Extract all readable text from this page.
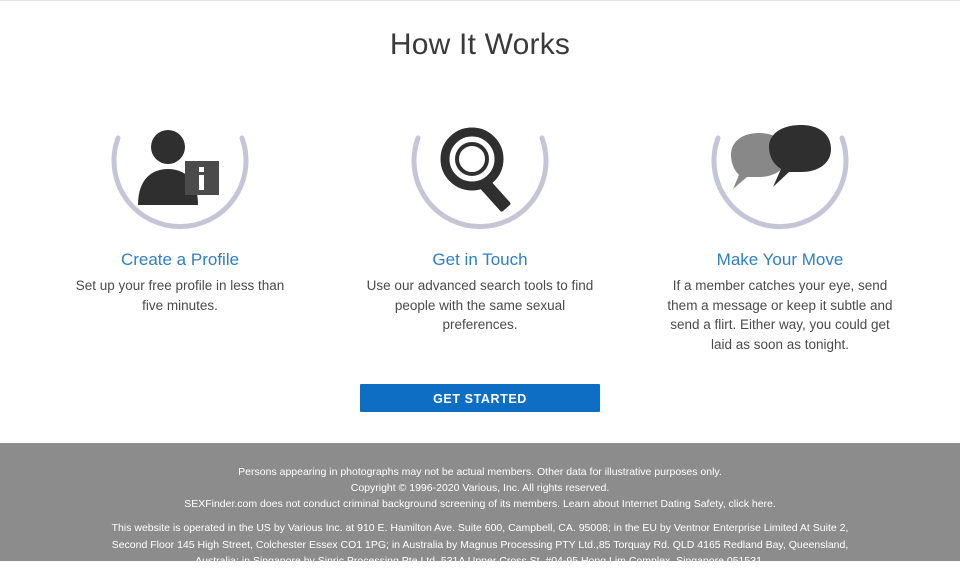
How It Works
Create a Profile
Set up your free profile in less than five minutes.
Get in Touch
Use our advanced search tools to find people with the same sexual preferences.
Make Your Move
If a member catches your eye, send them a message or keep it subtle and send a flirt. Either way, you could get laid as soon as tonight.
GET STARTED
Persons appearing in photographs may not be actual members. Other data for illustrative purposes only.
Copyright © 1996-2020 Various, Inc. All rights reserved.
SEXFinder.com does not conduct criminal background screening of its members. Learn about Internet Dating Safety, click here.
This website is operated in the US by Various Inc. at 910 E. Hamilton Ave. Suite 600, Campbell, CA. 95008; in the EU by Ventnor Enterprise Limited At Suite 2, Second Floor 145 High Street, Colchester Essex CO1 1PG; in Australia by Magnus Processing PTY Ltd.,85 Torquay Rd. QLD 4165 Redland Bay, Queensland, Australia; in Singapore by Sinric Processing Pte Ltd.,531A Upper Cross St. #04-95 Hong Lim Complex, Singapore 051531.
Contact us at 888-575-8383 (US toll free), 0800 098 8311(UK toll-free), 1800 954 607 (AU toll-free).
